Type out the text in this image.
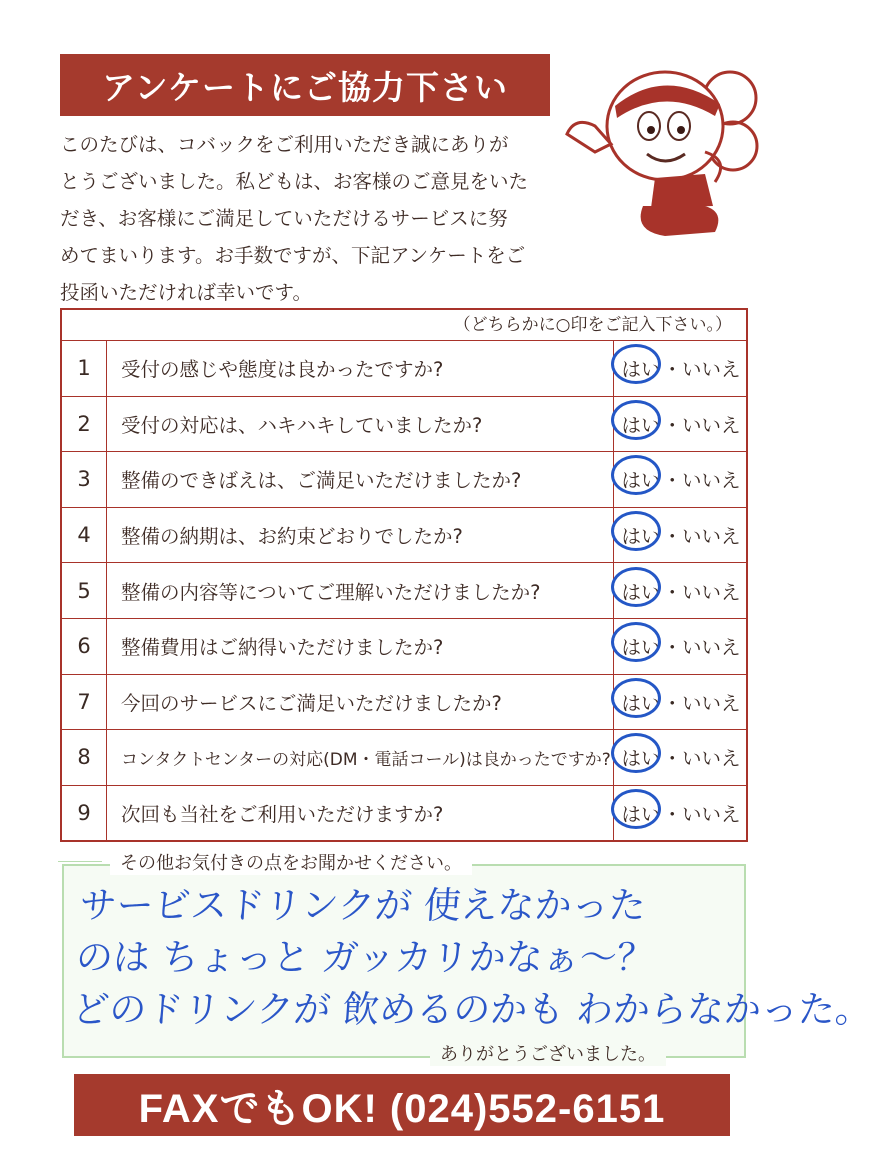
アンケートにご協力下さい
このたびは、コバックをご利用いただき誠にありが
とうございました。私どもは、お客様のご意見をいた
だき、お客様にご満足していただけるサービスに努
めてまいります。お手数ですが、下記アンケートをご
投函いただければ幸いです。
（どちらかに○印をご記入下さい。）
1	受付の感じや態度は良かったですか?	はい ・ いいえ
2	受付の対応は、ハキハキしていましたか?	はい ・ いいえ
3	整備のできばえは、ご満足いただけましたか?	はい ・ いいえ
4	整備の納期は、お約束どおりでしたか?	はい ・ いいえ
5	整備の内容等についてご理解いただけましたか?	はい ・ いいえ
6	整備費用はご納得いただけましたか?	はい ・ いいえ
7	今回のサービスにご満足いただけましたか?	はい ・ いいえ
8	コンタクトセンターの対応(DM・電話コール)は良かったですか? はい ・ いいえ
9	次回も当社をご利用いただけますか?	はい ・ いいえ
その他お気付きの点をお聞かせください。
サービスドリンクが 使えなかった
のは ちょっと ガッカリかなぁ～？
どのドリンクが 飲めるのかも わからなかった。
ありがとうございました。
FAXでもOK! (024)552-6151
